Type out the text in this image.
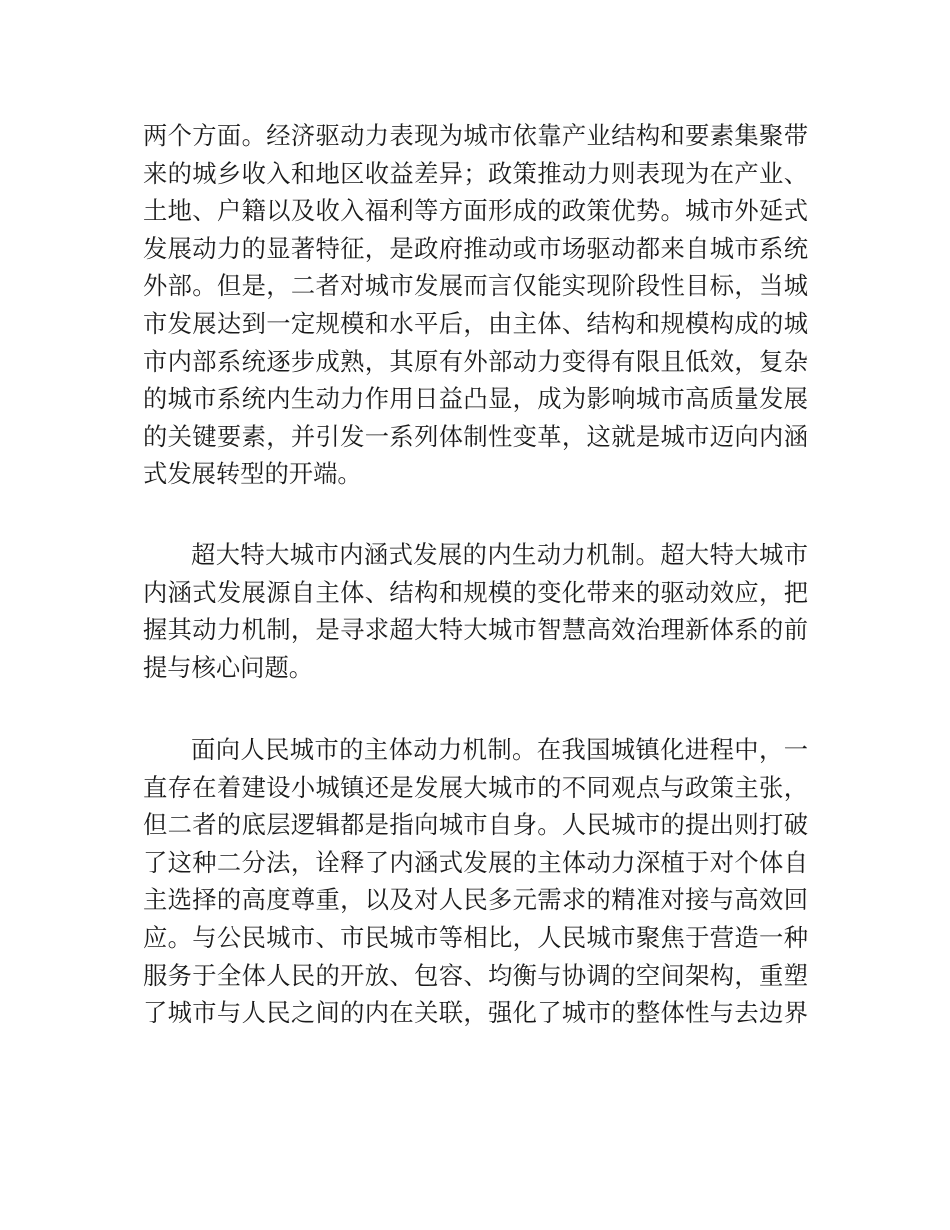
两个方面。经济驱动力表现为城市依靠产业结构和要素集聚带
来的城乡收入和地区收益差异；政策推动力则表现为在产业、
土地、户籍以及收入福利等方面形成的政策优势。城市外延式
发展动力的显著特征，是政府推动或市场驱动都来自城市系统
外部。但是，二者对城市发展而言仅能实现阶段性目标，当城
市发展达到一定规模和水平后，由主体、结构和规模构成的城
市内部系统逐步成熟，其原有外部动力变得有限且低效，复杂
的城市系统内生动力作用日益凸显，成为影响城市高质量发展
的关键要素，并引发一系列体制性变革，这就是城市迈向内涵
式发展转型的开端。
超大特大城市内涵式发展的内生动力机制。超大特大城市
内涵式发展源自主体、结构和规模的变化带来的驱动效应，把
握其动力机制，是寻求超大特大城市智慧高效治理新体系的前
提与核心问题。
面向人民城市的主体动力机制。在我国城镇化进程中，一
直存在着建设小城镇还是发展大城市的不同观点与政策主张，
但二者的底层逻辑都是指向城市自身。人民城市的提出则打破
了这种二分法，诠释了内涵式发展的主体动力深植于对个体自
主选择的高度尊重，以及对人民多元需求的精准对接与高效回
应。与公民城市、市民城市等相比，人民城市聚焦于营造一种
服务于全体人民的开放、包容、均衡与协调的空间架构，重塑
了城市与人民之间的内在关联，强化了城市的整体性与去边界
